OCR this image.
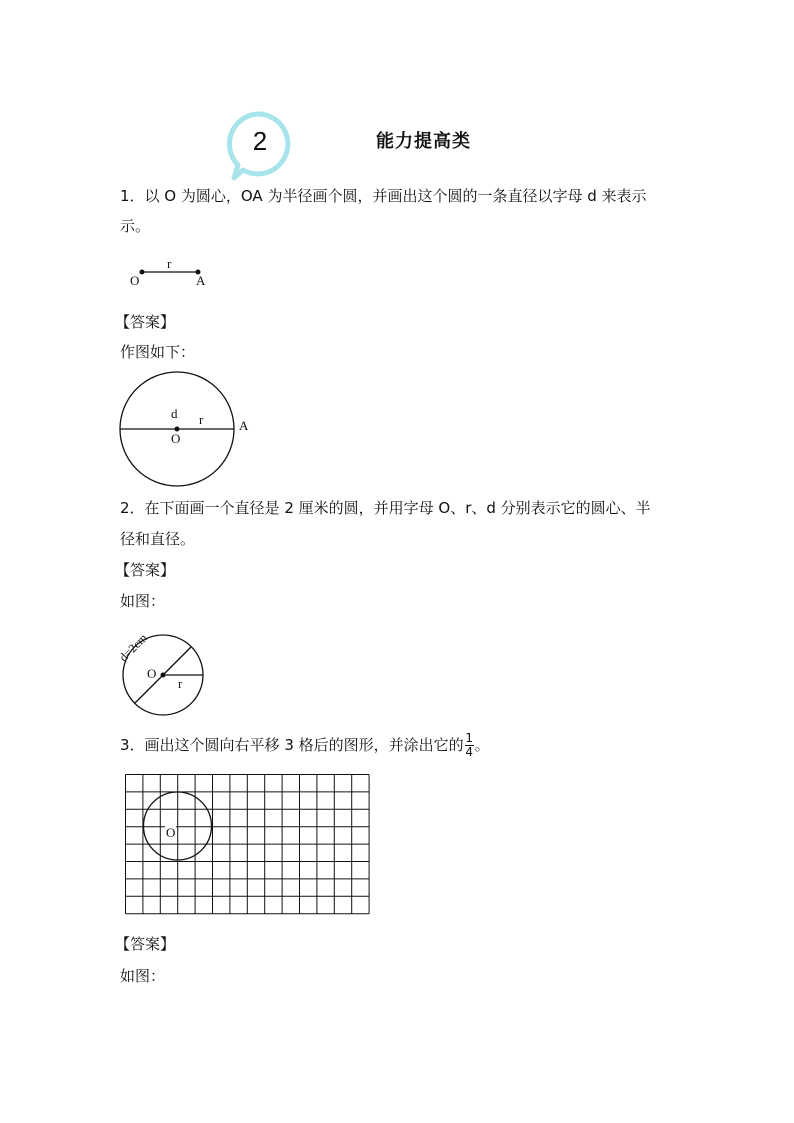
2	能力提高类
1．以 O 为圆心，OA 为半径画个圆，并画出这个圆的一条直径以字母 d 来表示
示。
O
r
A
【答案】
作图如下：
d r
O
A
2．在下面画一个直径是 2 厘米的圆，并用字母 O、r、d 分别表示它的圆心、半
径和直径。
【答案】
如图：
d=2cm
O
r
3．画出这个圆向右平移 3 格后的图形，并涂出它的 $\frac{1}{4}$ 。
O
【答案】
如图：
